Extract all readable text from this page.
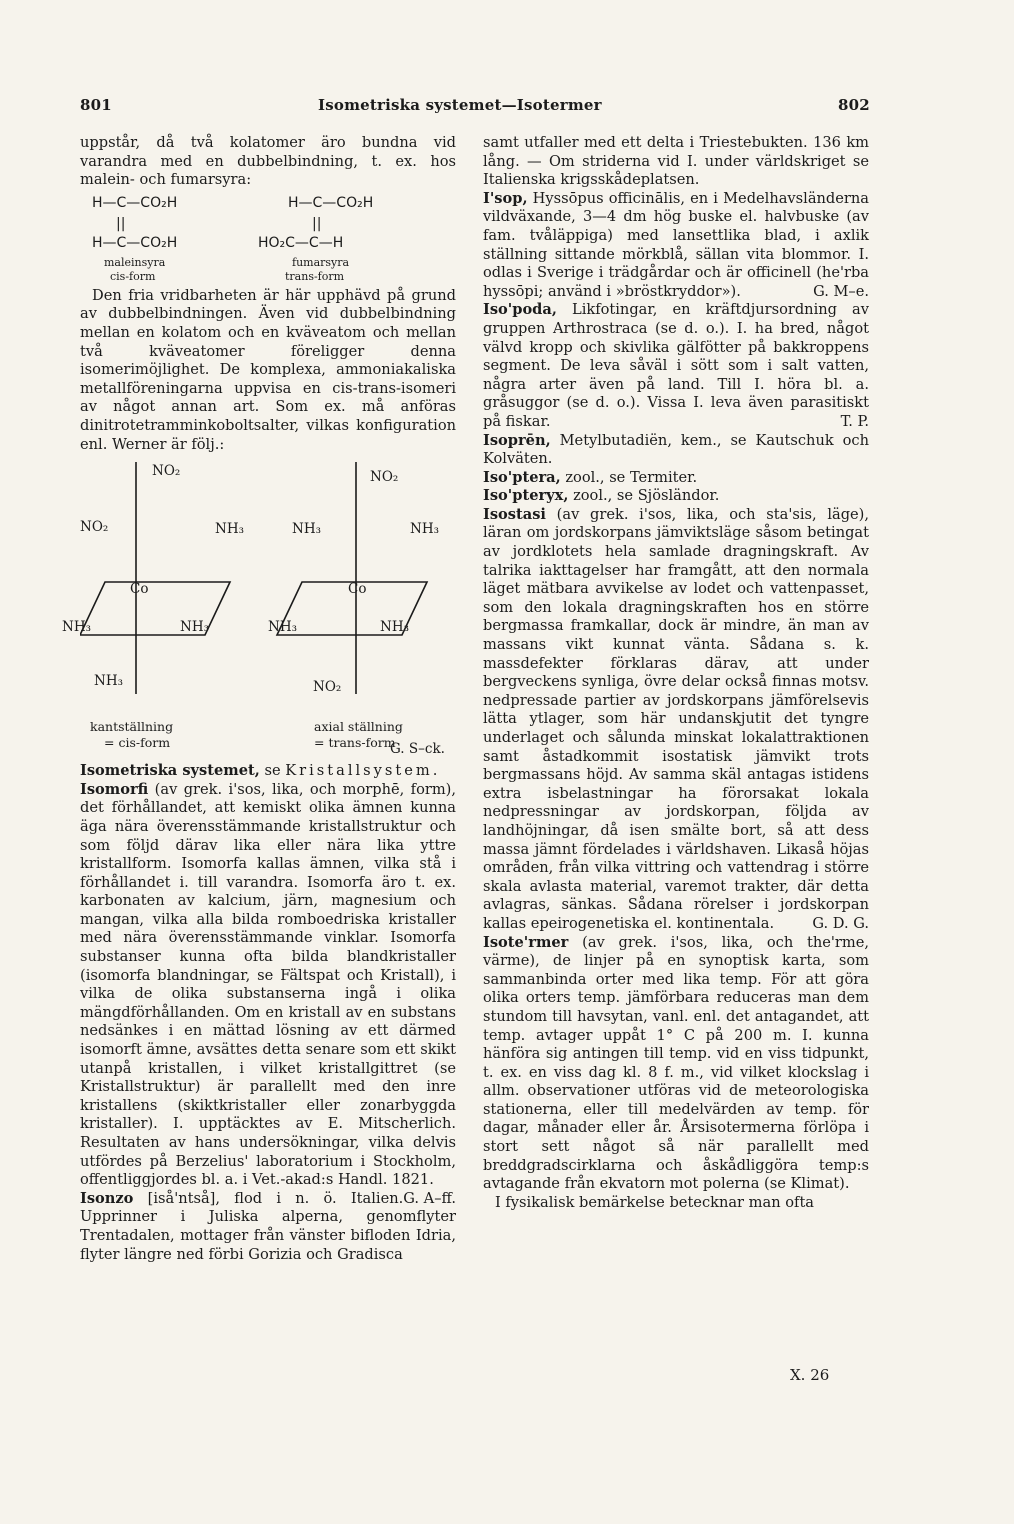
801	Isometriska systemet—Isotermer	802

uppstår, då två kolatomer äro bundna vid varandra med en dubbelbindning, t. ex. hos malein- och fumarsyra:

H—C—CO₂H
||
H—C—CO₂H
maleinsyra
cis-form
H—C—CO₂H
||
HO₂C—C—H
fumarsyra
trans-form

Den fria vridbarheten är här upphävd på grund av dubbelbindningen. Även vid dubbelbindning mellan en kolatom och en kväveatom och mellan två kväveatomer föreligger denna isomerimöjlighet. De komplexa, ammoniakaliska metallföreningarna uppvisa en cis-trans-isomeri av något annan art. Som ex. må anföras dinitrotetramminkoboltsalter, vilkas konfiguration enl. Werner är följ.:

NO₂
NO₂	NH₃
Co
NH₃	NH₃
NH₃
kantställning
= cis-form
NO₂
NH₃	NH₃
Co
NH₃	NH₃
NO₂
axial ställning
= trans-form
G. S–ck.

Isometriska systemet, se Kristallsystem.

Isomorfi (av grek. i'sos, lika, och morphē, form), det förhållandet, att kemiskt olika ämnen kunna äga nära överensstämmande kristallstruktur och som följd därav lika eller nära lika yttre kristallform. Isomorfa kallas ämnen, vilka stå i förhållandet i. till varandra. Isomorfa äro t. ex. karbonaten av kalcium, järn, magnesium och mangan, vilka alla bilda romboedriska kristaller med nära överensstämmande vinklar. Isomorfa substanser kunna ofta bilda blandkristaller (isomorfa blandningar, se Fältspat och Kristall), i vilka de olika substanserna ingå i olika mängdförhållanden. Om en kristall av en substans nedsänkes i en mättad lösning av ett därmed isomorft ämne, avsättes detta senare som ett skikt utanpå kristallen, i vilket kristallgittret (se Kristallstruktur) är parallellt med den inre kristallens (skiktkristaller eller zonarbyggda kristaller). I. upptäcktes av E. Mitscherlich. Resultaten av hans undersökningar, vilka delvis utfördes på Berzelius' laboratorium i Stockholm, offentliggjordes bl. a. i Vet.-akad:s Handl. 1821.
G. A–ff.

Isonzo [iså'ntså], flod i n. ö. Italien. Upprinner i Juliska alperna, genomflyter Trentadalen, mottager från vänster bifloden Idria, flyter längre ned förbi Gorizia och Gradisca

samt utfaller med ett delta i Triestebukten. 136 km lång. — Om striderna vid I. under världskriget se Italienska krigsskådeplatsen.

I'sop, Hyssōpus officinālis, en i Medelhavsländerna vildväxande, 3—4 dm hög buske el. halvbuske (av fam. tvåläppiga) med lansettlika blad, i axlik ställning sittande mörkblå, sällan vita blommor. I. odlas i Sverige i trädgårdar och är officinell (he'rba hyssōpi; använd i »bröstkryddor»).	G. M–e.

Iso'poda, Likfotingar, en kräftdjursordning av gruppen Arthrostraca (se d. o.). I. ha bred, något välvd kropp och skivlika gälfötter på bakkroppens segment. De leva såväl i sött som i salt vatten, några arter även på land. Till I. höra bl. a. gråsuggor (se d. o.). Vissa I. leva även parasitiskt på fiskar.	T. P.

Isoprēn, Metylbutadiën, kem., se Kautschuk och Kolväten.

Iso'ptera, zool., se Termiter.

Iso'pteryx, zool., se Sjösländor.

Isostasi (av grek. i'sos, lika, och sta'sis, läge), läran om jordskorpans jämviktsläge såsom betingat av jordklotets hela samlade dragningskraft. Av talrika iakttagelser har framgått, att den normala läget mätbara avvikelse av lodet och vattenpasset, som den lokala dragningskraften hos en större bergmassa framkallar, dock är mindre, än man av massans vikt kunnat vänta. Sådana s. k. massdefekter förklaras därav, att under bergveckens synliga, övre delar också finnas motsv. nedpressade partier av jordskorpans jämförelsevis lätta ytlager, som här undanskjutit det tyngre underlaget och sålunda minskat lokalattraktionen samt åstadkommit isostatisk jämvikt trots bergmassans höjd. Av samma skäl antagas istidens extra isbelastningar ha förorsakat lokala nedpressningar av jordskorpan, följda av landhöjningar, då isen smälte bort, så att dess massa jämnt fördelades i världshaven. Likaså höjas områden, från vilka vittring och vattendrag i större skala avlasta material, varemot trakter, där detta avlagras, sänkas. Sådana rörelser i jordskorpan kallas epeirogenetiska el. kontinentala.	G. D. G.

Isote'rmer (av grek. i'sos, lika, och the'rme, värme), de linjer på en synoptisk karta, som sammanbinda orter med lika temp. För att göra olika orters temp. jämförbara reduceras man dem stundom till havsytan, vanl. enl. det antagandet, att temp. avtager uppåt 1° C på 200 m. I. kunna hänföra sig antingen till temp. vid en viss tidpunkt, t. ex. en viss dag kl. 8 f. m., vid vilket klockslag i allm. observationer utföras vid de meteorologiska stationerna, eller till medelvärden av temp. för dagar, månader eller år. Årsisotermerna förlöpa i stort sett något så när parallellt med breddgradscirklarna och åskådliggöra temp:s avtagande från ekvatorn mot polerna (se Klimat).

I fysikalisk bemärkelse betecknar man ofta

X. 26
